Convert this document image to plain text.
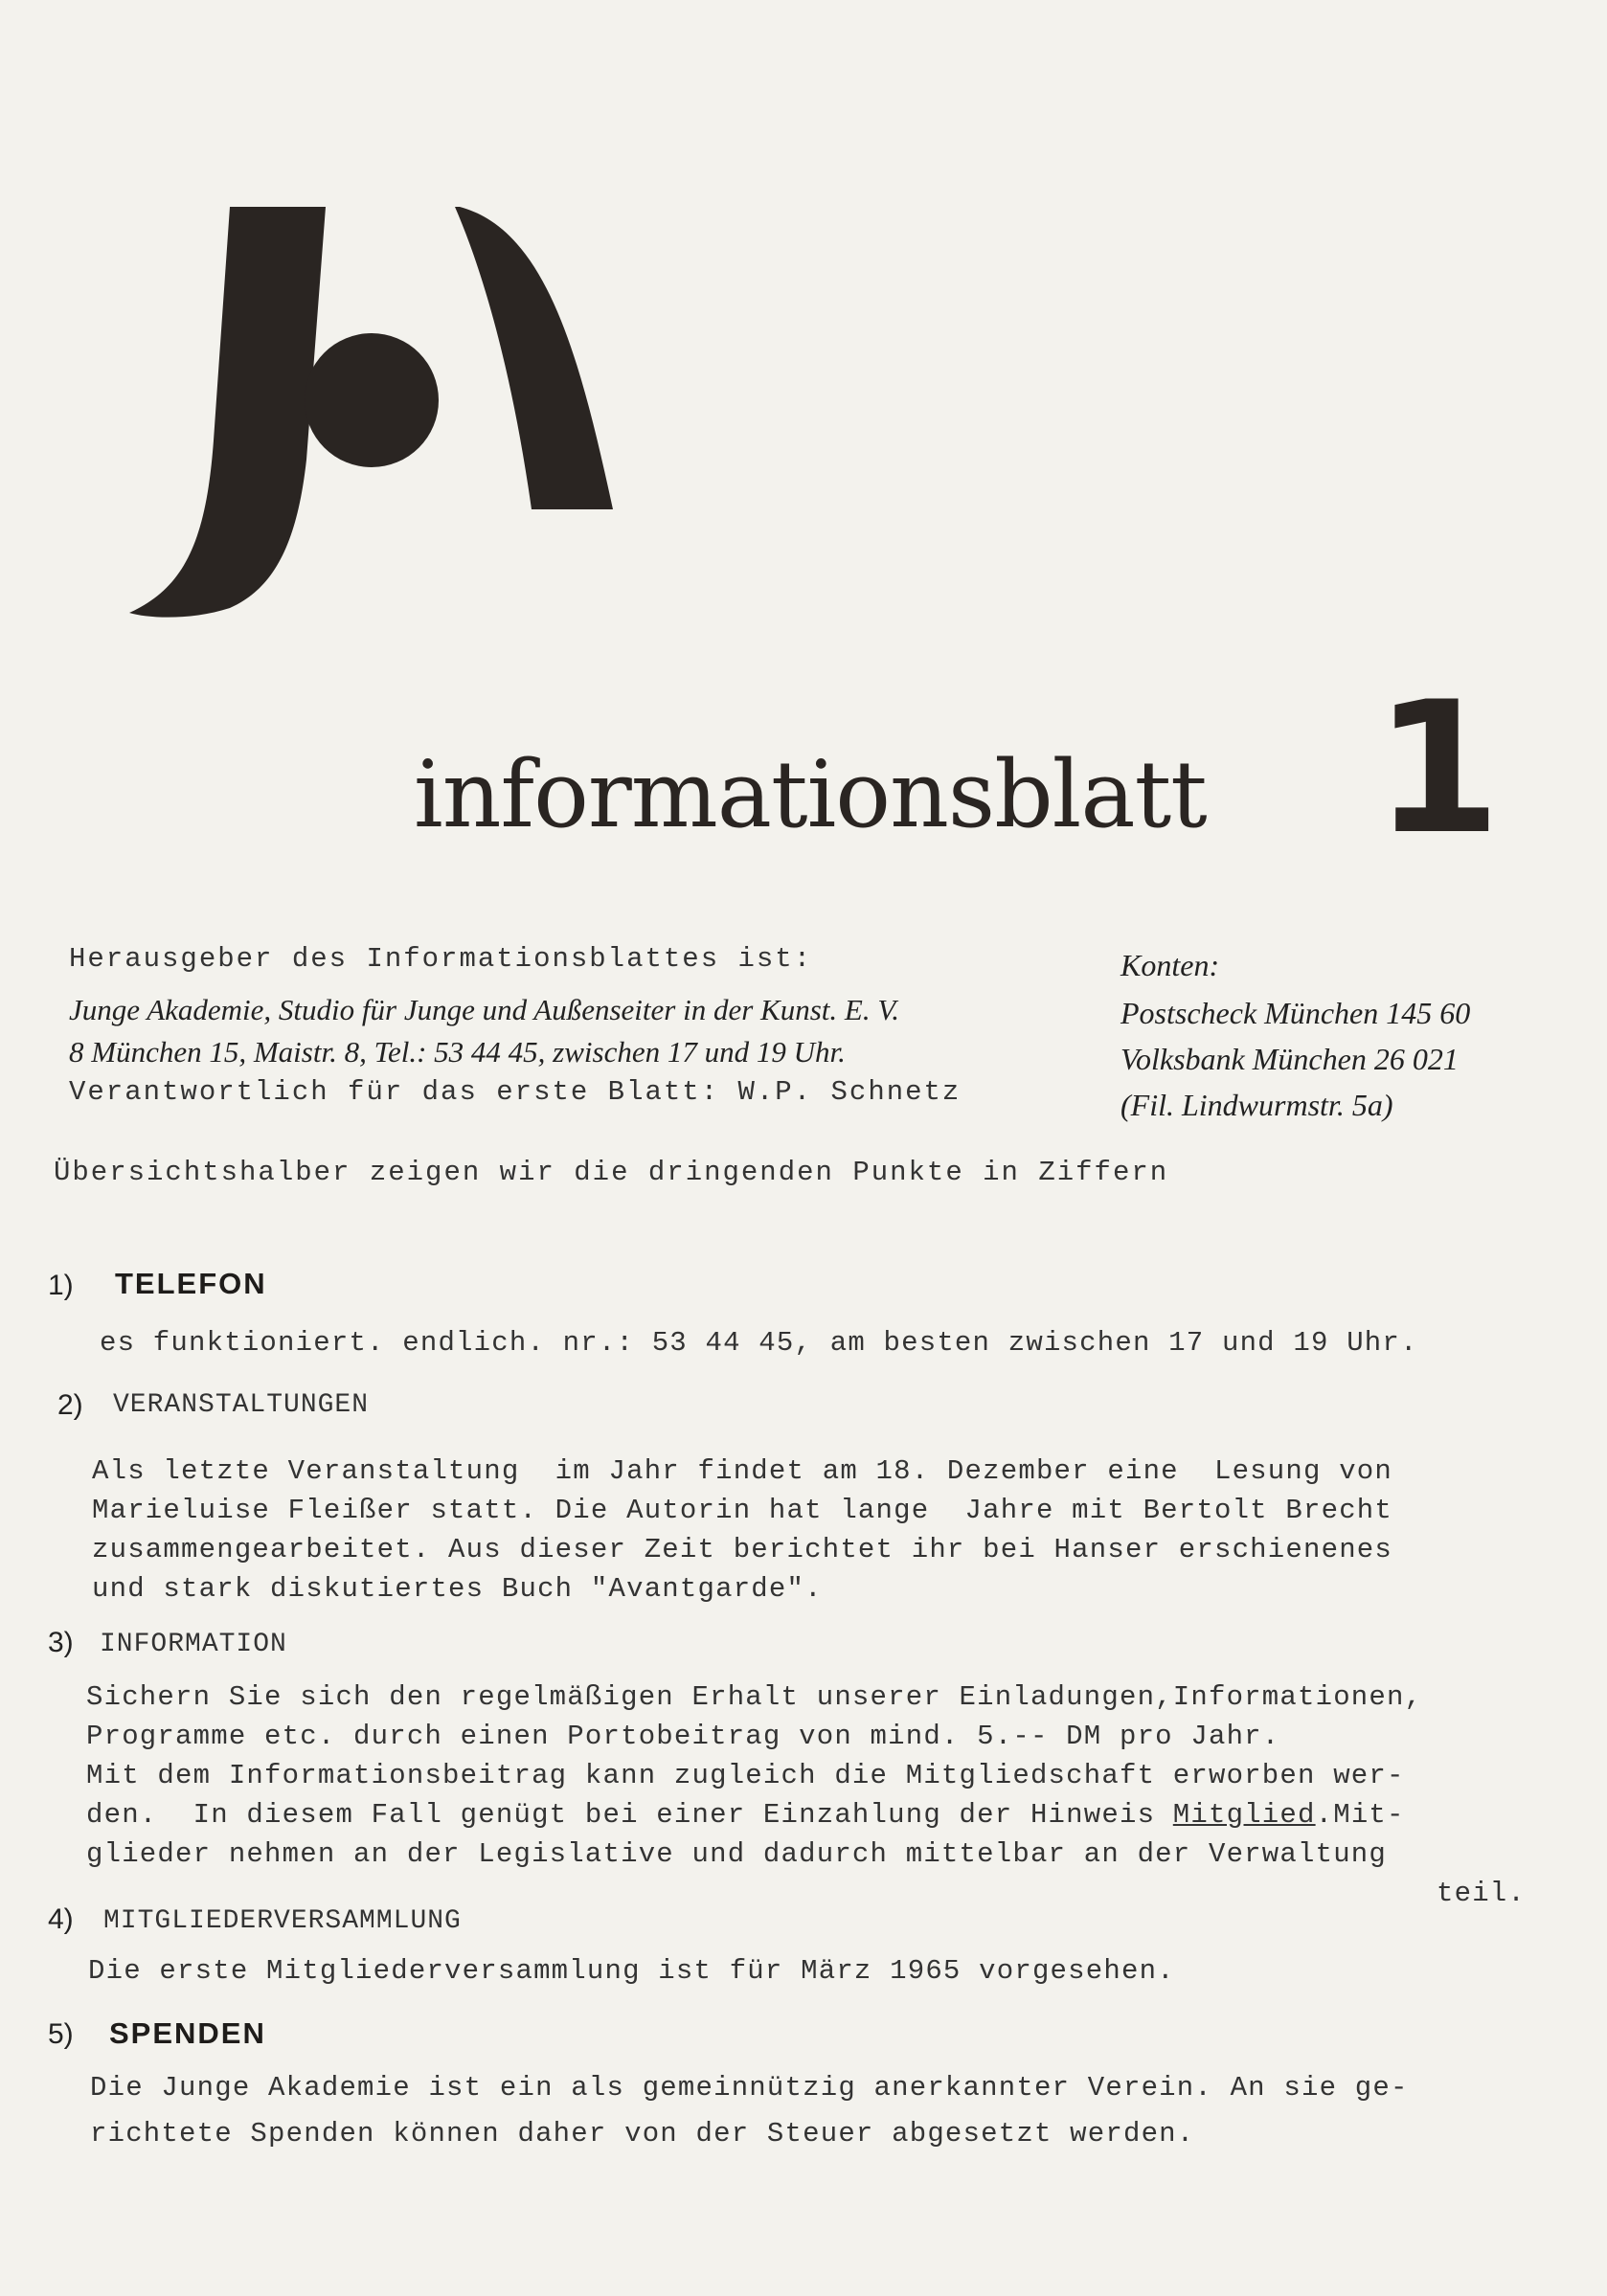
informationsblatt 1
Herausgeber des Informationsblattes ist:
Junge Akademie, Studio für Junge und Außenseiter in der Kunst. E. V.
8 München 15, Maistr. 8, Tel.: 53 44 45, zwischen 17 und 19 Uhr.
Verantwortlich für das erste Blatt: W.P. Schnetz
Konten:
Postscheck München 145 60
Volksbank München 26 021
(Fil. Lindwurmstr. 5a)
Übersichtshalber zeigen wir die dringenden Punkte in Ziffern
1) TELEFON
es funktioniert. endlich. nr.: 53 44 45, am besten zwischen 17 und 19 Uhr.
2) VERANSTALTUNGEN
Als letzte Veranstaltung  im Jahr findet am 18. Dezember eine  Lesung von
Marieluise Fleißer statt. Die Autorin hat lange  Jahre mit Bertolt Brecht
zusammengearbeitet. Aus dieser Zeit berichtet ihr bei Hanser erschienenes
und stark diskutiertes Buch "Avantgarde".
3) INFORMATION
Sichern Sie sich den regelmäßigen Erhalt unserer Einladungen,Informationen,
Programme etc. durch einen Portobeitrag von mind. 5.-- DM pro Jahr.
Mit dem Informationsbeitrag kann zugleich die Mitgliedschaft erworben wer-
den.  In diesem Fall genügt bei einer Einzahlung der Hinweis Mitglied.Mit-
glieder nehmen an der Legislative und dadurch mittelbar an der Verwaltung
teil.
4) MITGLIEDERVERSAMMLUNG
Die erste Mitgliederversammlung ist für März 1965 vorgesehen.
5) SPENDEN
Die Junge Akademie ist ein als gemeinnützig anerkannter Verein. An sie ge-
richtete Spenden können daher von der Steuer abgesetzt werden.
